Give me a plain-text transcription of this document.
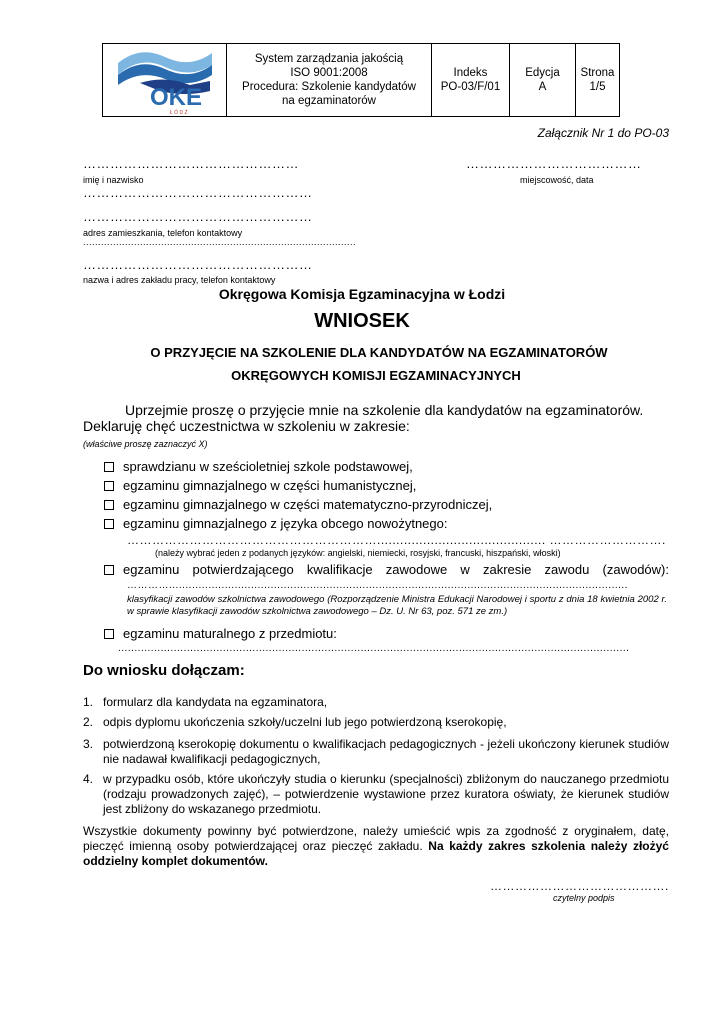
OKE
Ł Ó D Ź
System zarządzania jakością
ISO 9001:2008
Procedura: Szkolenie kandydatów
na egzaminatorów
Indeks
PO-03/F/01
Edycja
A
Strona
1/5
Załącznik Nr 1 do PO-03
…………………………………………
imię i nazwisko
…………………………………
miejscowość, data
……………………………………………
……………………………………………
adres zamieszkania, telefon kontaktowy
...........................................................................................
……………………………………………
nazwa i adres zakładu pracy, telefon kontaktowy
Okręgowa Komisja Egzaminacyjna w Łodzi
WNIOSEK
O PRZYJĘCIE NA SZKOLENIE DLA KANDYDATÓW NA EGZAMINATORÓW
OKRĘGOWYCH KOMISJI EGZAMINACYJNYCH
Uprzejmie proszę o przyjęcie mnie na szkolenie dla kandydatów na egzaminatorów.
Deklaruję chęć uczestnictwa w szkoleniu w zakresie:
(właściwe proszę zaznaczyć X)
sprawdzianu w sześcioletniej szkole podstawowej,
egzaminu gimnazjalnego w części humanistycznej,
egzaminu gimnazjalnego w części matematyczno-przyrodniczej,
egzaminu gimnazjalnego z języka obcego nowożytnego:
……………………………………………………............................................ ……………………….
(należy wybrać jeden z podanych języków: angielski, niemiecki, rosyjski, francuski, hiszpański, włoski)
egzaminu potwierdzającego kwalifikacje zawodowe w zakresie zawodu (zawodów):
…………............................................................................................................................................
klasyfikacji zawodów szkolnictwa zawodowego (Rozporządzenie Ministra Edukacji Narodowej i sportu z dnia 18 kwietnia 2002 r. w sprawie klasyfikacji zawodów szkolnictwa zawodowego – Dz. U. Nr 63, poz. 571 ze zm.)
egzaminu maturalnego z przedmiotu:
............................................................................................................................................................
Do wniosku dołączam:
1. formularz dla kandydata na egzaminatora,
2. odpis dyplomu ukończenia szkoły/uczelni lub jego potwierdzoną kserokopię,
3. potwierdzoną kserokopię dokumentu o kwalifikacjach pedagogicznych - jeżeli ukończony kierunek studiów nie nadawał kwalifikacji pedagogicznych,
4. w przypadku osób, które ukończyły studia o kierunku (specjalności) zbliżonym do nauczanego przedmiotu (rodzaju prowadzonych zajęć), – potwierdzenie wystawione przez kuratora oświaty, że kierunek studiów jest zbliżony do wskazanego przedmiotu.
Wszystkie dokumenty powinny być potwierdzone, należy umieścić wpis za zgodność z oryginałem, datę, pieczęć imienną osoby potwierdzającej oraz pieczęć zakładu. Na każdy zakres szkolenia należy złożyć oddzielny komplet dokumentów.
…………………………………….
czytelny podpis
